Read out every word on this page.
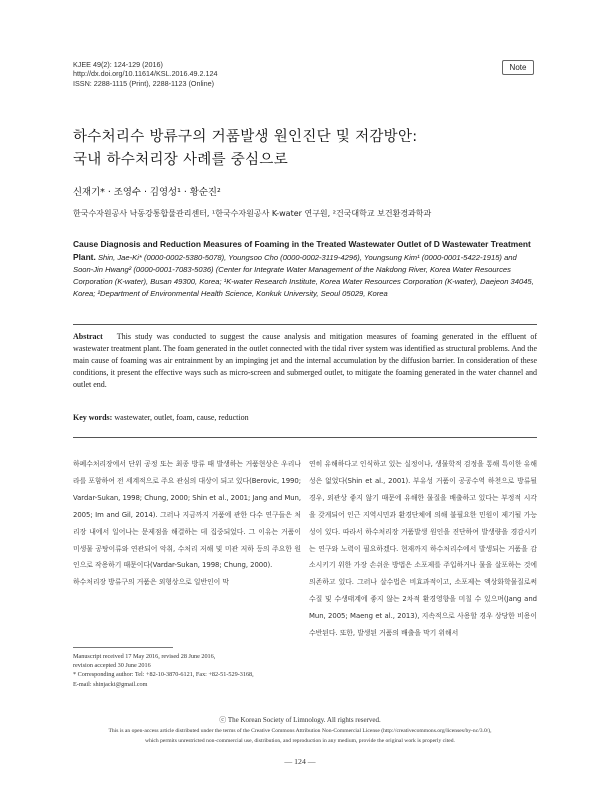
KJEE 49(2): 124-129 (2016)
http://dx.doi.org/10.11614/KSL.2016.49.2.124
ISSN: 2288-1115 (Print), 2288-1123 (Online)
Note
하수처리수 방류구의 거품발생 원인진단 및 저감방안:
국내 하수처리장 사례를 중심으로
신재기* · 조영수 · 김영성¹ · 황순진²
한국수자원공사 낙동강통합물관리센터, ¹한국수자원공사 K-water 연구원, ²건국대학교 보건환경과학과
Cause Diagnosis and Reduction Measures of Foaming in the Treated Wastewater Outlet of D Wastewater Treatment Plant. Shin, Jae-Ki* (0000-0002-5380-5078), Youngsoo Cho (0000-0002-3119-4296), Youngsung Kim¹ (0000-0001-5422-1915) and Soon-Jin Hwang² (0000-0001-7083-5036) (Center for Integrate Water Management of the Nakdong River, Korea Water Resources Corporation (K-water), Busan 49300, Korea; ¹K-water Research Institute, Korea Water Resources Corporation (K-water), Daejeon 34045, Korea; ²Department of Environmental Health Science, Konkuk University, Seoul 05029, Korea
Abstract This study was conducted to suggest the cause analysis and mitigation measures of foaming generated in the effluent of wastewater treatment plant. The foam generated in the outlet connected with the tidal river system was identified as structural problems. And the main cause of foaming was air entrainment by an impinging jet and the internal accumulation by the diffusion barrier. In consideration of these conditions, it present the effective ways such as micro-screen and submerged outlet, to mitigate the foaming generated in the water channel and outlet end.
Key words: wastewater, outlet, foam, cause, reduction

하폐수처리장에서 단위 공정 또는 최종 방류 때 발생하는 거품현상은 우리나라를 포함하여 전 세계적으로 주요 관심의 대상이 되고 있다(Berovic, 1990; Vardar-Sukan, 1998; Chung, 2000; Shin et al., 2001; Jang and Mun, 2005; Im and Gil, 2014). 그러나 지금까지 거품에 관한 다수 연구들은 처리장 내에서 일어나는 문제점을 해결하는 데 집중되었다. 그 이유는 거품이 미생물 공탕이류와 연관되어 악취, 수처리 저해 및 미관 저하 등의 주요한 원인으로 작용하기 때문이다(Vardar-Sukan, 1998; Chung, 2000).

하수처리장 방류구의 거품은 외형상으로 일반인이 막

연히 유해하다고 인식하고 있는 실정이나, 생물학적 검정을 통해 특이한 유해성은 없었다(Shin et al., 2001). 부유성 거품이 공공수역 하천으로 방류될 경우, 외관상 좋지 않기 때문에 유해한 물질을 배출하고 있다는 부정적 시각을 갖게되어 인근 지역시민과 환경단체에 의해 불필요한 민원이 제기될 가능성이 있다. 따라서 하수처리장 거품발생 원인을 진단하여 발생량을 경감시키는 연구와 노력이 필요하겠다. 현재까지 하수처리수에서 발생되는 거품을 감소시키기 위한 가장 손쉬운 방법은 소포제를 주입하거나 물을 살포하는 것에 의존하고 있다. 그러나 살수법은 비효과적이고, 소포제는 액상화학물질로써 수질 및 수생태계에 좋지 않는 2차적 환경영향을 미칠 수 있으며(Jang and Mun, 2005; Maeng et al., 2013), 지속적으로 사용할 경우 상당한 비용이 수반된다. 또한, 발생된 거품의 배출을 막기 위해서

Manuscript received 17 May 2016, revised 28 June 2016,
revision accepted 30 June 2016
* Corresponding author: Tel: +82-10-3870-6121, Fax: +82-51-529-3168,
E-mail: shinjacki@gmail.com
ⓒ The Korean Society of Limnology. All rights reserved.
This is an open-access article distributed under the terms of the Creative Commons Attribution Non-Commercial License (http://creativecommons.org/licenses/by-nc/3.0/),
which permits unrestricted non-commercial use, distribution, and reproduction in any medium, provide the original work is properly cited.
― 124 ―
